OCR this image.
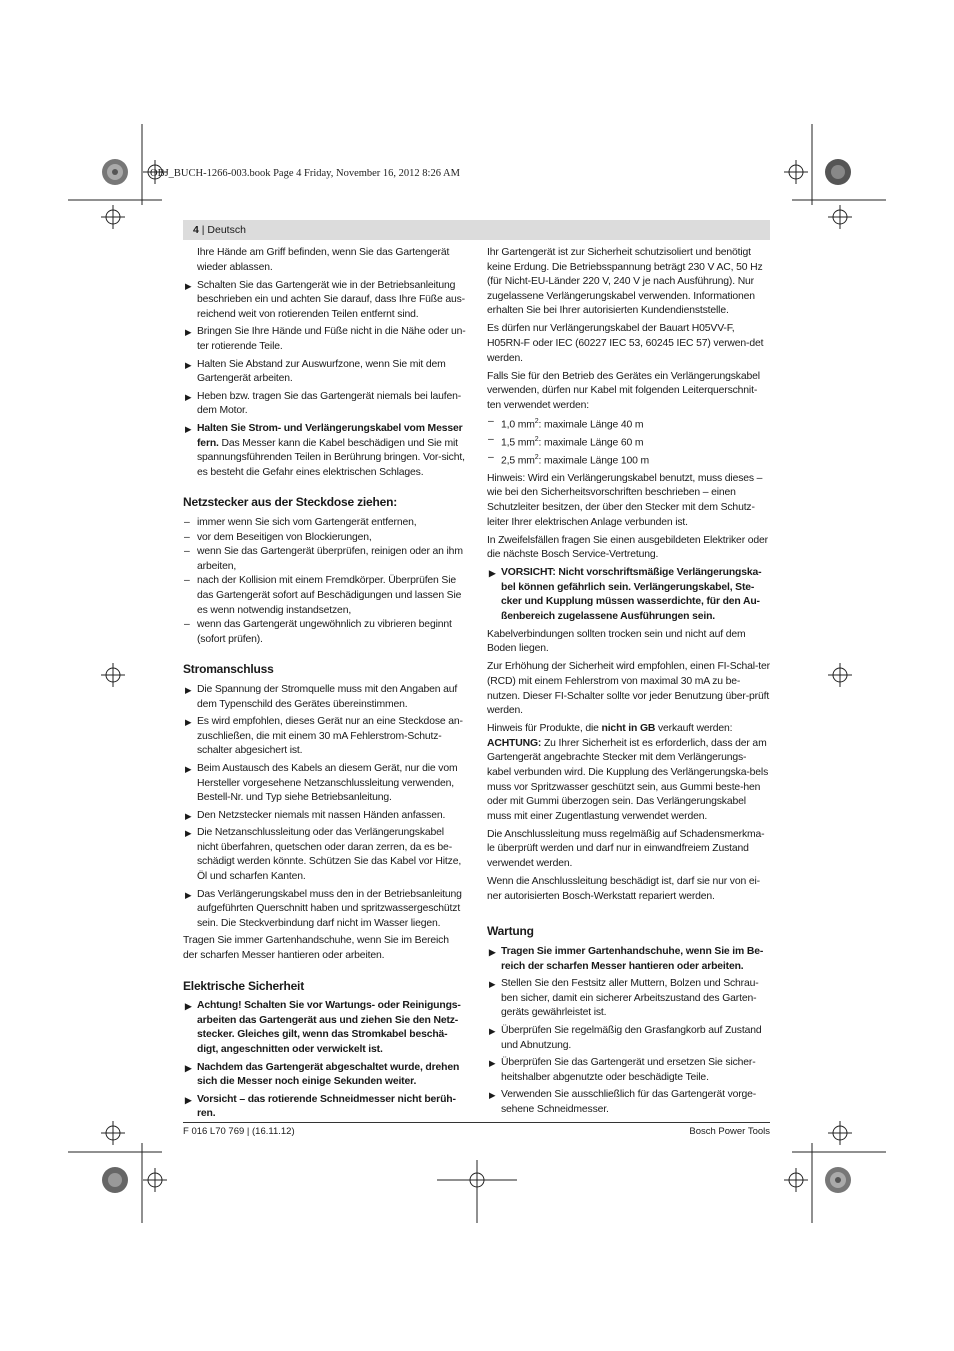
OBJ_BUCH-1266-003.book Page 4 Friday, November 16, 2012 8:26 AM
4 | Deutsch

Ihre Hände am Griff befinden, wenn Sie das Gartengerät wieder ablassen.

▶ Schalten Sie das Gartengerät wie in der Betriebsanleitung beschrieben ein und achten Sie darauf, dass Ihre Füße aus-reichend weit von rotierenden Teilen entfernt sind.
▶ Bringen Sie Ihre Hände und Füße nicht in die Nähe oder un-ter rotierende Teile.
▶ Halten Sie Abstand zur Auswurfzone, wenn Sie mit dem Gartengerät arbeiten.
▶ Heben bzw. tragen Sie das Gartengerät niemals bei laufen-dem Motor.
▶ Halten Sie Strom- und Verlängerungskabel vom Messer fern. Das Messer kann die Kabel beschädigen und Sie mit spannungsführenden Teilen in Berührung bringen. Vor-sicht, es besteht die Gefahr eines elektrischen Schlages.
Netzstecker aus der Steckdose ziehen:
– immer wenn Sie sich vom Gartengerät entfernen,
– vor dem Beseitigen von Blockierungen,
– wenn Sie das Gartengerät überprüfen, reinigen oder an ihm arbeiten,
– nach der Kollision mit einem Fremdkörper. Überprüfen Sie das Gartengerät sofort auf Beschädigungen und lassen Sie es wenn notwendig instandsetzen,
– wenn das Gartengerät ungewöhnlich zu vibrieren beginnt (sofort prüfen).
Stromanschluss
▶ Die Spannung der Stromquelle muss mit den Angaben auf dem Typenschild des Gerätes übereinstimmen.
▶ Es wird empfohlen, dieses Gerät nur an eine Steckdose an-zuschließen, die mit einem 30 mA Fehlerstrom-Schutz-schalter abgesichert ist.
▶ Beim Austausch des Kabels an diesem Gerät, nur die vom Hersteller vorgesehene Netzanschlussleitung verwenden, Bestell-Nr. und Typ siehe Betriebsanleitung.
▶ Den Netzstecker niemals mit nassen Händen anfassen.
▶ Die Netzanschlussleitung oder das Verlängerungskabel nicht überfahren, quetschen oder daran zerren, da es be-schädigt werden könnte. Schützen Sie das Kabel vor Hitze, Öl und scharfen Kanten.
▶ Das Verlängerungskabel muss den in der Betriebsanleitung aufgeführten Querschnitt haben und spritzwassergeschützt sein. Die Steckverbindung darf nicht im Wasser liegen.

Tragen Sie immer Gartenhandschuhe, wenn Sie im Bereich der scharfen Messer hantieren oder arbeiten.

Elektrische Sicherheit
▶ Achtung! Schalten Sie vor Wartungs- oder Reinigungs-arbeiten das Gartengerät aus und ziehen Sie den Netz-stecker. Gleiches gilt, wenn das Stromkabel beschä-digt, angeschnitten oder verwickelt ist.
▶ Nachdem das Gartengerät abgeschaltet wurde, drehen sich die Messer noch einige Sekunden weiter.
▶ Vorsicht – das rotierende Schneidmesser nicht berüh-ren.

Ihr Gartengerät ist zur Sicherheit schutzisoliert und benötigt keine Erdung. Die Betriebsspannung beträgt 230 V AC, 50 Hz (für Nicht-EU-Länder 220 V, 240 V je nach Ausführung). Nur zugelassene Verlängerungskabel verwenden. Informationen erhalten Sie bei Ihrer autorisierten Kundendienststelle.

Es dürfen nur Verlängerungskabel der Bauart H05VV-F, H05RN-F oder IEC (60227 IEC 53, 60245 IEC 57) verwen-det werden.

Falls Sie für den Betrieb des Gerätes ein Verlängerungskabel verwenden, dürfen nur Kabel mit folgenden Leiterquerschnit-ten verwendet werden:

– 1,0 $mm^2$: maximale Länge 40 m
– 1,5 $mm^2$: maximale Länge 60 m
– 2,5 $mm^2$: maximale Länge 100 m

Hinweis: Wird ein Verlängerungskabel benutzt, muss dieses – wie bei den Sicherheitsvorschriften beschrieben – einen Schutzleiter besitzen, der über den Stecker mit dem Schutz-leiter Ihrer elektrischen Anlage verbunden ist.

In Zweifelsfällen fragen Sie einen ausgebildeten Elektriker oder die nächste Bosch Service-Vertretung.

▶ VORSICHT: Nicht vorschriftsmäßige Verlängerungska-bel können gefährlich sein. Verlängerungskabel, Ste-cker und Kupplung müssen wasserdichte, für den Au-ßenbereich zugelassene Ausführungen sein.

Kabelverbindungen sollten trocken sein und nicht auf dem Boden liegen.

Zur Erhöhung der Sicherheit wird empfohlen, einen FI-Schal-ter (RCD) mit einem Fehlerstrom von maximal 30 mA zu be-nutzen. Dieser FI-Schalter sollte vor jeder Benutzung über-prüft werden.

Hinweis für Produkte, die nicht in GB verkauft werden:

ACHTUNG: Zu Ihrer Sicherheit ist es erforderlich, dass der am Gartengerät angebrachte Stecker mit dem Verlängerungs-kabel verbunden wird. Die Kupplung des Verlängerungska-bels muss vor Spritzwasser geschützt sein, aus Gummi beste-hen oder mit Gummi überzogen sein. Das Verlängerungskabel muss mit einer Zugentlastung verwendet werden.

Die Anschlussleitung muss regelmäßig auf Schadensmerkma-le überprüft werden und darf nur in einwandfreiem Zustand verwendet werden.

Wenn die Anschlussleitung beschädigt ist, darf sie nur von ei-ner autorisierten Bosch-Werkstatt repariert werden.

Wartung
▶ Tragen Sie immer Gartenhandschuhe, wenn Sie im Be-reich der scharfen Messer hantieren oder arbeiten.
▶ Stellen Sie den Festsitz aller Muttern, Bolzen und Schrau-ben sicher, damit ein sicherer Arbeitszustand des Garten-geräts gewährleistet ist.
▶ Überprüfen Sie regelmäßig den Grasfangkorb auf Zustand und Abnutzung.
▶ Überprüfen Sie das Gartengerät und ersetzen Sie sicher-heitshalber abgenutzte oder beschädigte Teile.
▶ Verwenden Sie ausschließlich für das Gartengerät vorge-sehene Schneidmesser.
F 016 L70 769 | (16.11.12)	Bosch Power Tools
